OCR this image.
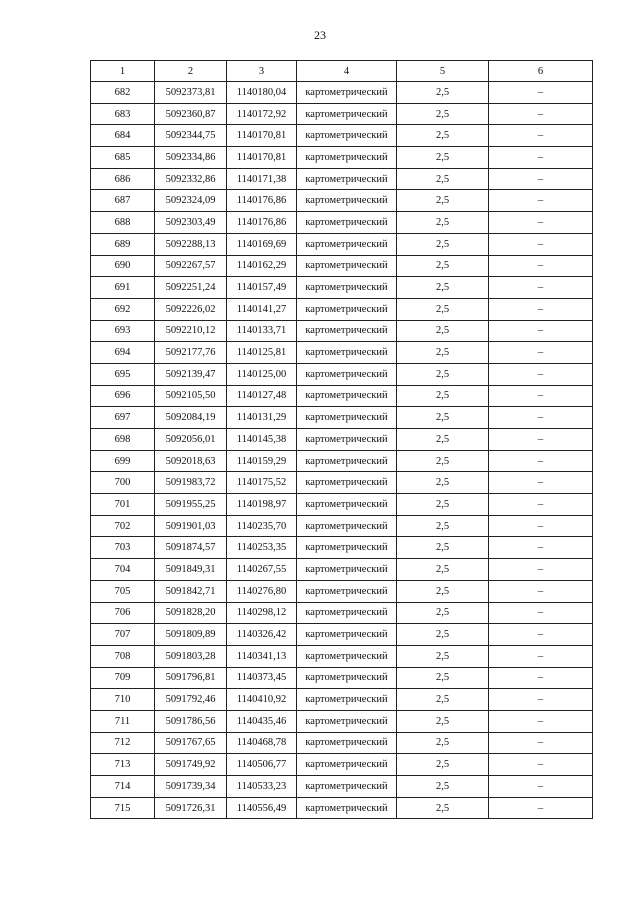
23
1	2	3	4	5	6
682	5092373,81	1140180,04	картометрический	2,5	–
683	5092360,87	1140172,92	картометрический	2,5	–
684	5092344,75	1140170,81	картометрический	2,5	–
685	5092334,86	1140170,81	картометрический	2,5	–
686	5092332,86	1140171,38	картометрический	2,5	–
687	5092324,09	1140176,86	картометрический	2,5	–
688	5092303,49	1140176,86	картометрический	2,5	–
689	5092288,13	1140169,69	картометрический	2,5	–
690	5092267,57	1140162,29	картометрический	2,5	–
691	5092251,24	1140157,49	картометрический	2,5	–
692	5092226,02	1140141,27	картометрический	2,5	–
693	5092210,12	1140133,71	картометрический	2,5	–
694	5092177,76	1140125,81	картометрический	2,5	–
695	5092139,47	1140125,00	картометрический	2,5	–
696	5092105,50	1140127,48	картометрический	2,5	–
697	5092084,19	1140131,29	картометрический	2,5	–
698	5092056,01	1140145,38	картометрический	2,5	–
699	5092018,63	1140159,29	картометрический	2,5	–
700	5091983,72	1140175,52	картометрический	2,5	–
701	5091955,25	1140198,97	картометрический	2,5	–
702	5091901,03	1140235,70	картометрический	2,5	–
703	5091874,57	1140253,35	картометрический	2,5	–
704	5091849,31	1140267,55	картометрический	2,5	–
705	5091842,71	1140276,80	картометрический	2,5	–
706	5091828,20	1140298,12	картометрический	2,5	–
707	5091809,89	1140326,42	картометрический	2,5	–
708	5091803,28	1140341,13	картометрический	2,5	–
709	5091796,81	1140373,45	картометрический	2,5	–
710	5091792,46	1140410,92	картометрический	2,5	–
711	5091786,56	1140435,46	картометрический	2,5	–
712	5091767,65	1140468,78	картометрический	2,5	–
713	5091749,92	1140506,77	картометрический	2,5	–
714	5091739,34	1140533,23	картометрический	2,5	–
715	5091726,31	1140556,49	картометрический	2,5	–
